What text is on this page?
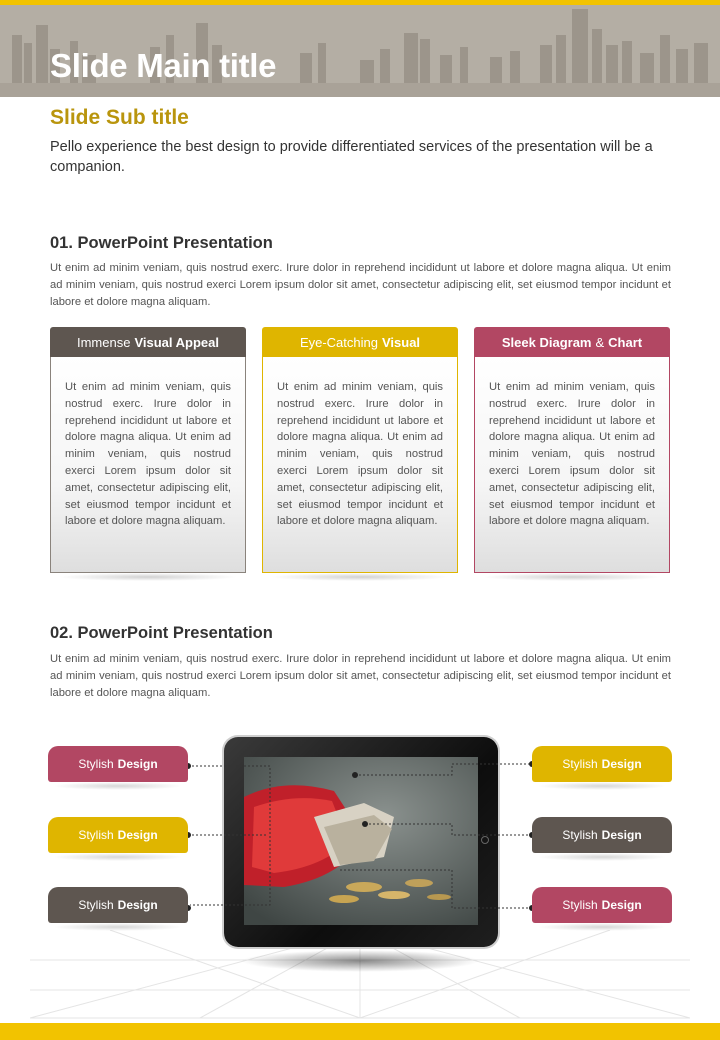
Slide Main title
Slide Sub title
Pello experience the best design to provide differentiated services of the presentation will be a companion.
01. PowerPoint Presentation
Ut enim ad minim veniam, quis nostrud exerc. Irure dolor in reprehend incididunt ut labore et dolore magna aliqua. Ut enim ad minim veniam, quis nostrud exerci Lorem ipsum dolor sit amet, consectetur adipiscing elit, set eiusmod tempor incidunt et labore et dolore magna aliquam.
Immense Visual Appeal
Ut enim ad minim veniam, quis nostrud exerc. Irure dolor in reprehend incididunt ut labore et dolore magna aliqua. Ut enim ad minim veniam, quis nostrud exerci Lorem ipsum dolor sit amet, consectetur adipiscing elit, set eiusmod tempor incidunt et labore et dolore magna aliquam.
Eye-Catching Visual
Ut enim ad minim veniam, quis nostrud exerc. Irure dolor in reprehend incididunt ut labore et dolore magna aliqua. Ut enim ad minim veniam, quis nostrud exerci Lorem ipsum dolor sit amet, consectetur adipiscing elit, set eiusmod tempor incidunt et labore et dolore magna aliquam.
Sleek Diagram & Chart
Ut enim ad minim veniam, quis nostrud exerc. Irure dolor in reprehend incididunt ut labore et dolore magna aliqua. Ut enim ad minim veniam, quis nostrud exerci Lorem ipsum dolor sit amet, consectetur adipiscing elit, set eiusmod tempor incidunt et labore et dolore magna aliquam.
02. PowerPoint Presentation
Ut enim ad minim veniam, quis nostrud exerc. Irure dolor in reprehend incididunt ut labore et dolore magna aliqua. Ut enim ad minim veniam, quis nostrud exerci Lorem ipsum dolor sit amet, consectetur adipiscing elit, set eiusmod tempor incidunt et labore et dolore magna aliquam.
Stylish Design
Stylish Design
Stylish Design
Stylish Design
Stylish Design
Stylish Design
